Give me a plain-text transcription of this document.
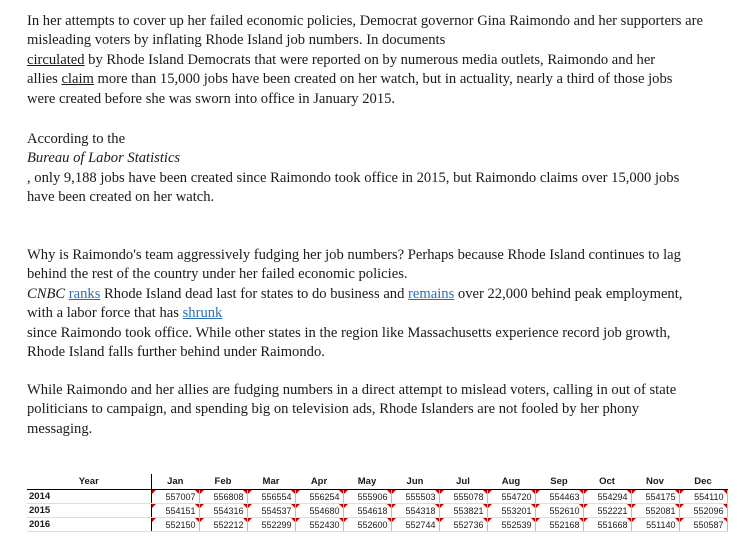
In her attempts to cover up her failed economic policies, Democrat governor Gina Raimondo and her supporters are
misleading voters by inflating Rhode Island job numbers. In documents
circulated by Rhode Island Democrats that were reported on by numerous media outlets, Raimondo and her
allies claim more than 15,000 jobs have been created on her watch, but in actuality, nearly a third of those jobs
were created before she was sworn into office in January 2015.
According to the
Bureau of Labor Statistics
, only 9,188 jobs have been created since Raimondo took office in 2015, but Raimondo claims over 15,000 jobs
have been created on her watch.
Why is Raimondo's team aggressively fudging her job numbers? Perhaps because Rhode Island continues to lag
behind the rest of the country under her failed economic policies.
CNBC ranks Rhode Island dead last for states to do business and remains over 22,000 behind peak employment,
with a labor force that has shrunk
since Raimondo took office. While other states in the region like Massachusetts experience record job growth,
Rhode Island falls further behind under Raimondo.
While Raimondo and her allies are fudging numbers in a direct attempt to mislead voters, calling in out of state
politicians to campaign, and spending big on television ads, Rhode Islanders are not fooled by her phony
messaging.
Year	Jan	Feb	Mar	Apr	May	Jun	Jul	Aug	Sep	Oct	Nov	Dec
2014	557007	556808	556554	556254	555906	555503	555078	554720	554463	554294	554175	554110
2015	554151	554316	554537	554680	554618	554318	553821	553201	552610	552221	552081	552096
2016	552150	552212	552299	552430	552600	552744	552736	552539	552168	551668	551140	550587
